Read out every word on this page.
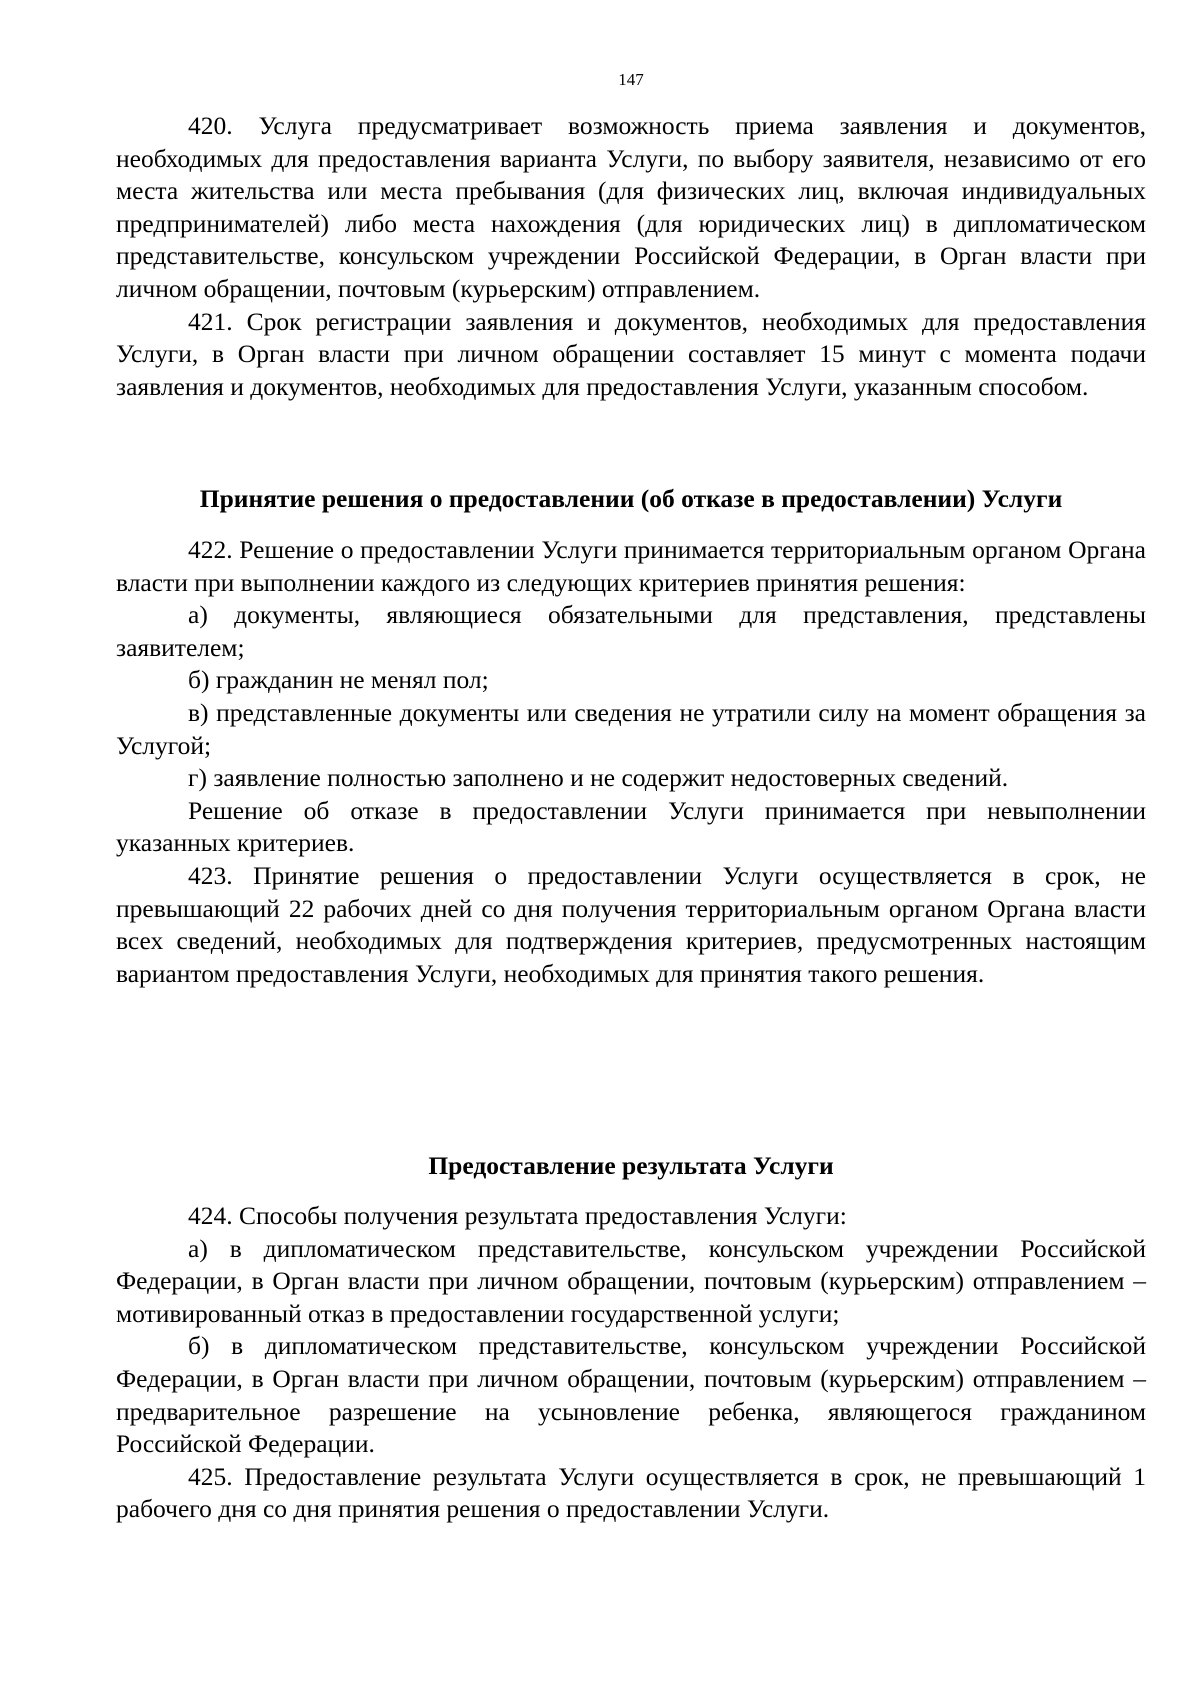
147

420. Услуга предусматривает возможность приема заявления и документов, необходимых для предоставления варианта Услуги, по выбору заявителя, независимо от его места жительства или места пребывания (для физических лиц, включая индивидуальных предпринимателей) либо места нахождения (для юридических лиц) в дипломатическом представительстве, консульском учреждении Российской Федерации, в Орган власти при личном обращении, почтовым (курьерским) отправлением.

421. Срок регистрации заявления и документов, необходимых для предоставления Услуги, в Орган власти при личном обращении составляет 15 минут с момента подачи заявления и документов, необходимых для предоставления Услуги, указанным способом.

Принятие решения о предоставлении (об отказе в предоставлении) Услуги

422. Решение о предоставлении Услуги принимается территориальным органом Органа власти при выполнении каждого из следующих критериев принятия решения:

а) документы, являющиеся обязательными для представления, представлены заявителем;

б) гражданин не менял пол;

в) представленные документы или сведения не утратили силу на момент обращения за Услугой;

г) заявление полностью заполнено и не содержит недостоверных сведений.

Решение об отказе в предоставлении Услуги принимается при невыполнении указанных критериев.

423. Принятие решения о предоставлении Услуги осуществляется в срок, не превышающий 22 рабочих дней со дня получения территориальным органом Органа власти всех сведений, необходимых для подтверждения критериев, предусмотренных настоящим вариантом предоставления Услуги, необходимых для принятия такого решения.

Предоставление результата Услуги

424. Способы получения результата предоставления Услуги:

а) в дипломатическом представительстве, консульском учреждении Российской Федерации, в Орган власти при личном обращении, почтовым (курьерским) отправлением – мотивированный отказ в предоставлении государственной услуги;

б) в дипломатическом представительстве, консульском учреждении Российской Федерации, в Орган власти при личном обращении, почтовым (курьерским) отправлением – предварительное разрешение на усыновление ребенка, являющегося гражданином Российской Федерации.

425. Предоставление результата Услуги осуществляется в срок, не превышающий 1 рабочего дня со дня принятия решения о предоставлении Услуги.
